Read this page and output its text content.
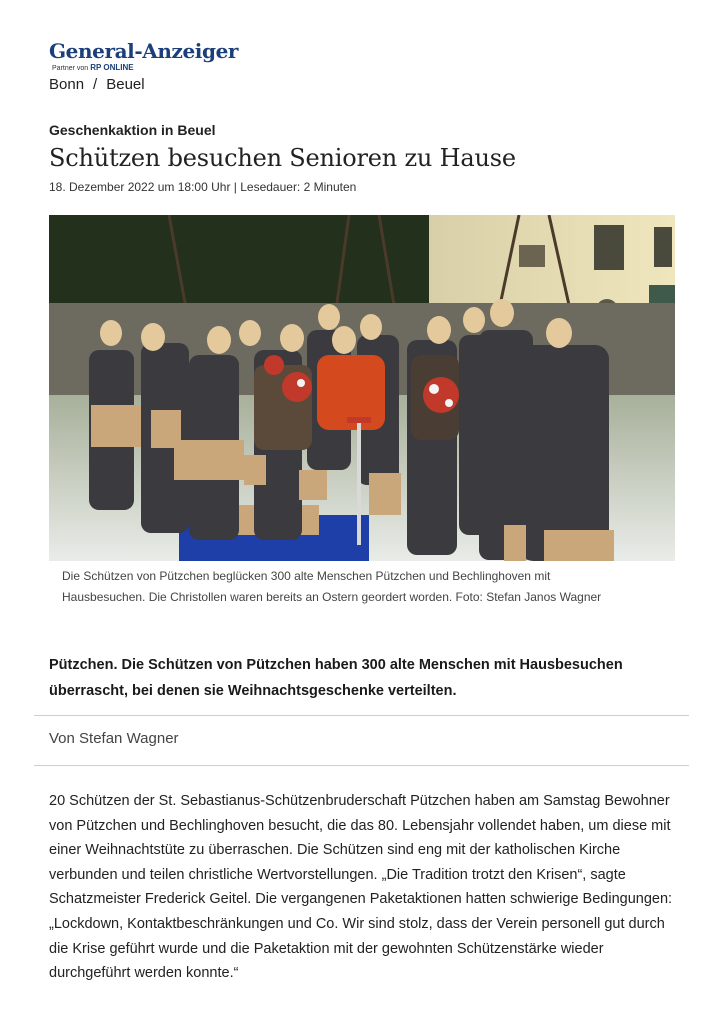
General-Anzeiger
Partner von RP ONLINE
Bonn / Beuel
Geschenkaktion in Beuel
Schützen besuchen Senioren zu Hause
18. Dezember 2022 um 18:00 Uhr | Lesedauer: 2 Minuten
Die Schützen von Pützchen beglücken 300 alte Menschen Pützchen und Bechlinghoven mit Hausbesuchen. Die Christollen waren bereits an Ostern geordert worden. Foto: Stefan Janos Wagner

Pützchen. Die Schützen von Pützchen haben 300 alte Menschen mit Hausbesuchen überrascht, bei denen sie Weihnachtsgeschenke verteilten.

Von Stefan Wagner

20 Schützen der St. Sebastianus-Schützenbruderschaft Pützchen haben am Samstag Bewohner von Pützchen und Bechlinghoven besucht, die das 80. Lebensjahr vollendet haben, um diese mit einer Weihnachtstüte zu überraschen. Die Schützen sind eng mit der katholischen Kirche verbunden und teilen christliche Wertvorstellungen. „Die Tradition trotzt den Krisen“, sagte Schatzmeister Frederick Geitel. Die vergangenen Paketaktionen hatten schwierige Bedingungen: „Lockdown, Kontaktbeschränkungen und Co. Wir sind stolz, dass der Verein personell gut durch die Krise geführt wurde und die Paketaktion mit der gewohnten Schützenstärke wieder durchgeführt werden konnte.“
